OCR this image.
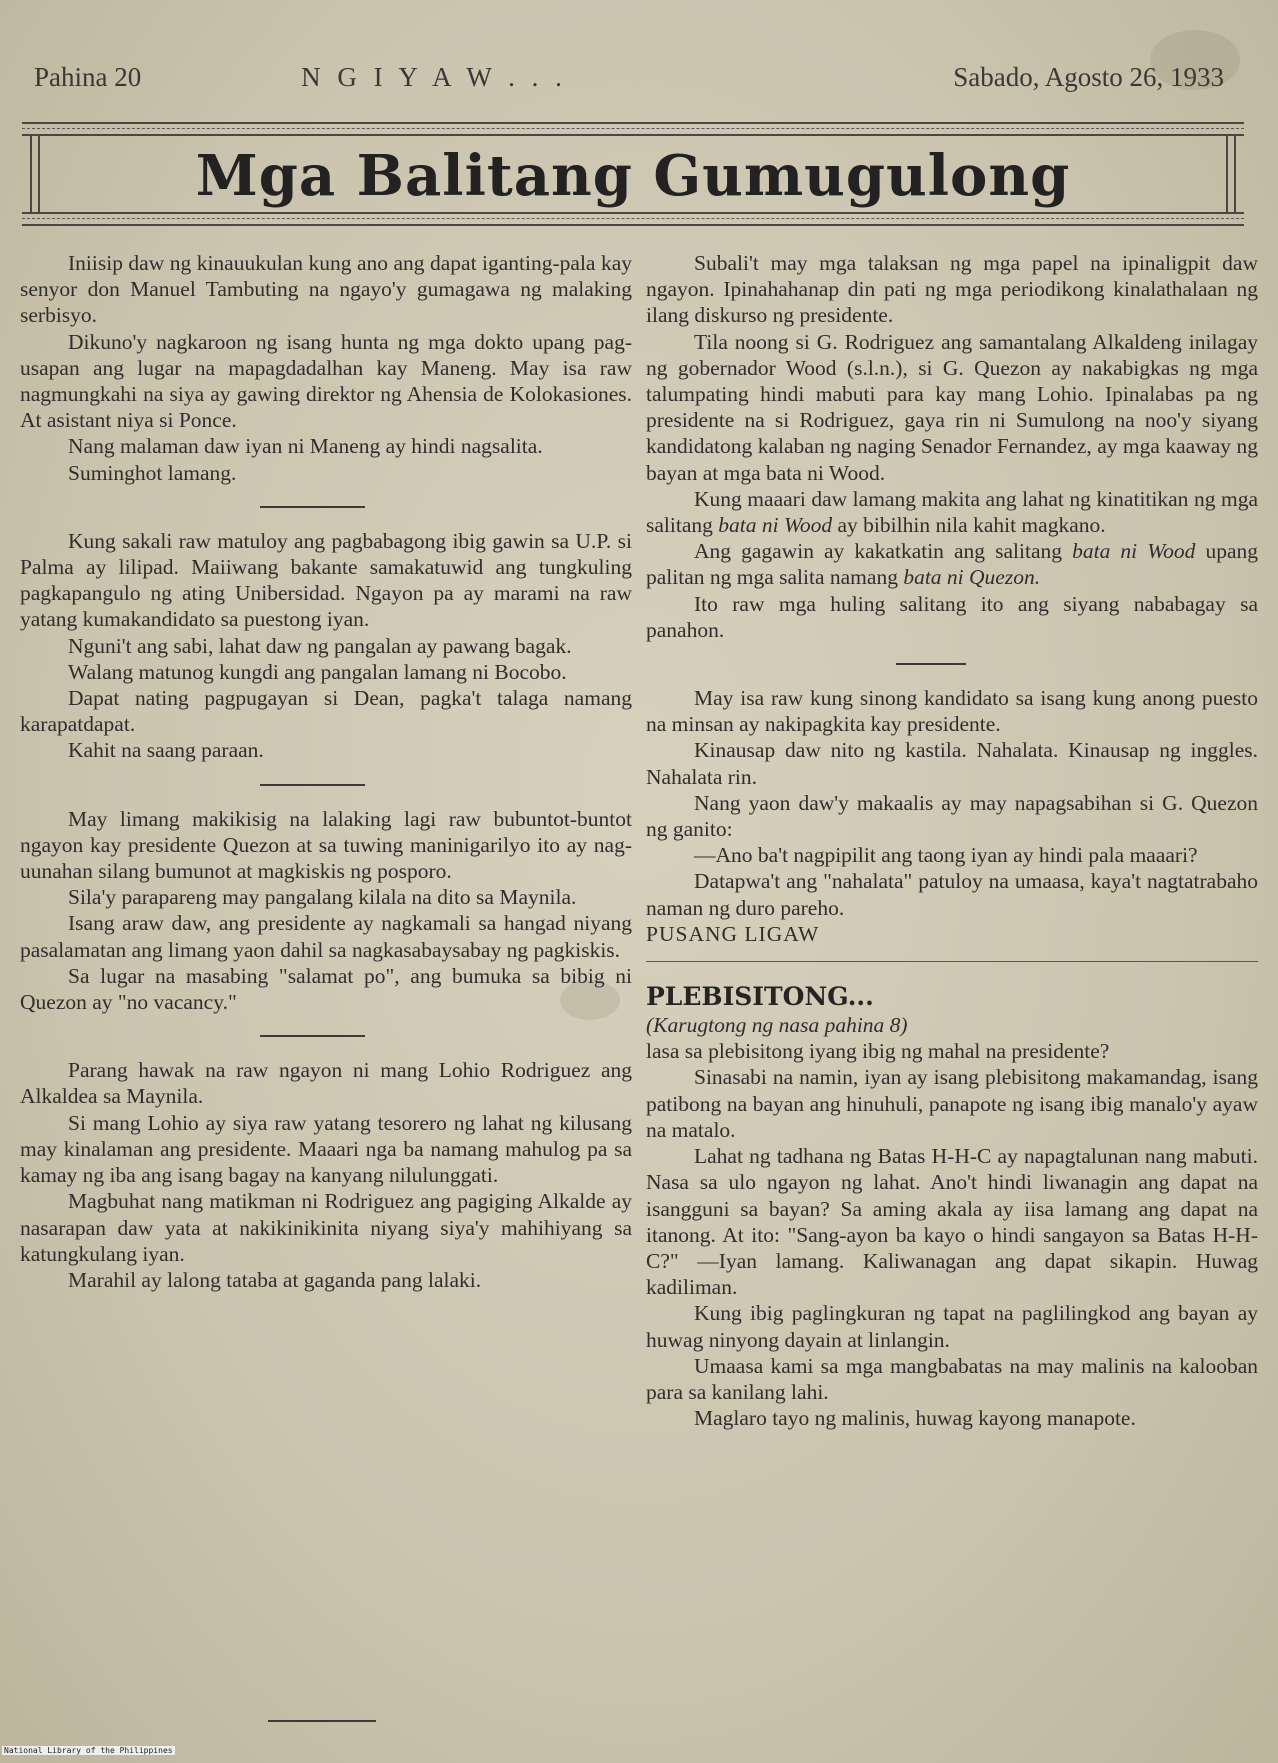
Pahina 20	N G I Y A W . . .	Sabado, Agosto 26, 1933
Mga Balitang Gumugulong

Iniisip daw ng kinauukulan kung ano ang dapat iganting-pala kay senyor don Manuel Tambuting na ngayo'y gumagawa ng malaking serbisyo.

Dikuno'y nagkaroon ng isang hunta ng mga dokto upang pag-usapan ang lugar na mapagdadalhan kay Maneng. May isa raw nagmungkahi na siya ay gawing direktor ng Ahensia de Kolokasiones. At asistant niya si Ponce.

Nang malaman daw iyan ni Maneng ay hindi nagsalita.

Suminghot lamang.

Kung sakali raw matuloy ang pagbabagong ibig gawin sa U.P. si Palma ay lilipad. Maiiwang bakante samakatuwid ang tungkuling pagkapangulo ng ating Unibersidad. Ngayon pa ay marami na raw yatang kumakandidato sa puestong iyan.

Nguni't ang sabi, lahat daw ng pangalan ay pawang bagak.

Walang matunog kungdi ang pangalan lamang ni Bocobo.

Dapat nating pagpugayan si Dean, pagka't talaga namang karapatdapat.

Kahit na saang paraan.

May limang makikisig na lalaking lagi raw bubuntot-buntot ngayon kay presidente Quezon at sa tuwing maninigarilyo ito ay nag-uunahan silang bumunot at magkiskis ng posporo.

Sila'y parapareng may pangalang kilala na dito sa Maynila.

Isang araw daw, ang presidente ay nagkamali sa hangad niyang pasalamatan ang limang yaon dahil sa nagkasabaysabay ng pagkiskis.

Sa lugar na masabing "salamat po", ang bumuka sa bibig ni Quezon ay "no vacancy."

Parang hawak na raw ngayon ni mang Lohio Rodriguez ang Alkaldea sa Maynila.

Si mang Lohio ay siya raw yatang tesorero ng lahat ng kilusang may kinalaman ang presidente. Maaari nga ba namang mahulog pa sa kamay ng iba ang isang bagay na kanyang nilulunggati.

Magbuhat nang matikman ni Rodriguez ang pagiging Alkalde ay nasarapan daw yata at nakikinikinita niyang siya'y mahihiyang sa katungkulang iyan.

Marahil ay lalong tataba at gaganda pang lalaki.

Subali't may mga talaksan ng mga papel na ipinaligpit daw ngayon. Ipinahahanap din pati ng mga periodikong kinalathalaan ng ilang diskurso ng presidente.

Tila noong si G. Rodriguez ang samantalang Alkaldeng inilagay ng gobernador Wood (s.l.n.), si G. Quezon ay nakabigkas ng mga talumpating hindi mabuti para kay mang Lohio. Ipinalabas pa ng presidente na si Rodriguez, gaya rin ni Sumulong na noo'y siyang kandidatong kalaban ng naging Senador Fernandez, ay mga kaaway ng bayan at mga bata ni Wood.

Kung maaari daw lamang makita ang lahat ng kinatitikan ng mga salitang bata ni Wood ay bibilhin nila kahit magkano.

Ang gagawin ay kakatkatin ang salitang bata ni Wood upang palitan ng mga salita namang bata ni Quezon.

Ito raw mga huling salitang ito ang siyang nababagay sa panahon.

May isa raw kung sinong kandidato sa isang kung anong puesto na minsan ay nakipagkita kay presidente.

Kinausap daw nito ng kastila. Nahalata. Kinausap ng inggles. Nahalata rin.

Nang yaon daw'y makaalis ay may napagsabihan si G. Quezon ng ganito:

—Ano ba't nagpipilit ang taong iyan ay hindi pala maaari?

Datapwa't ang "nahalata" patuloy na umaasa, kaya't nagtatrabaho naman ng duro pareho.

PUSANG LIGAW

PLEBISITONG...

(Karugtong ng nasa pahina 8)

lasa sa plebisitong iyang ibig ng mahal na presidente?

Sinasabi na namin, iyan ay isang plebisitong makamandag, isang patibong na bayan ang hinuhuli, panapote ng isang ibig manalo'y ayaw na matalo.

Lahat ng tadhana ng Batas H-H-C ay napagtalunan nang mabuti. Nasa sa ulo ngayon ng lahat. Ano't hindi liwanagin ang dapat na isangguni sa bayan? Sa aming akala ay iisa lamang ang dapat na itanong. At ito: "Sang-ayon ba kayo o hindi sangayon sa Batas H-H-C?" —Iyan lamang. Kaliwanagan ang dapat sikapin. Huwag kadiliman.

Kung ibig paglingkuran ng tapat na paglilingkod ang bayan ay huwag ninyong dayain at linlangin.

Umaasa kami sa mga mangbabatas na may malinis na kalooban para sa kanilang lahi.

Maglaro tayo ng malinis, huwag kayong manapote.

National Library of the Philippines
